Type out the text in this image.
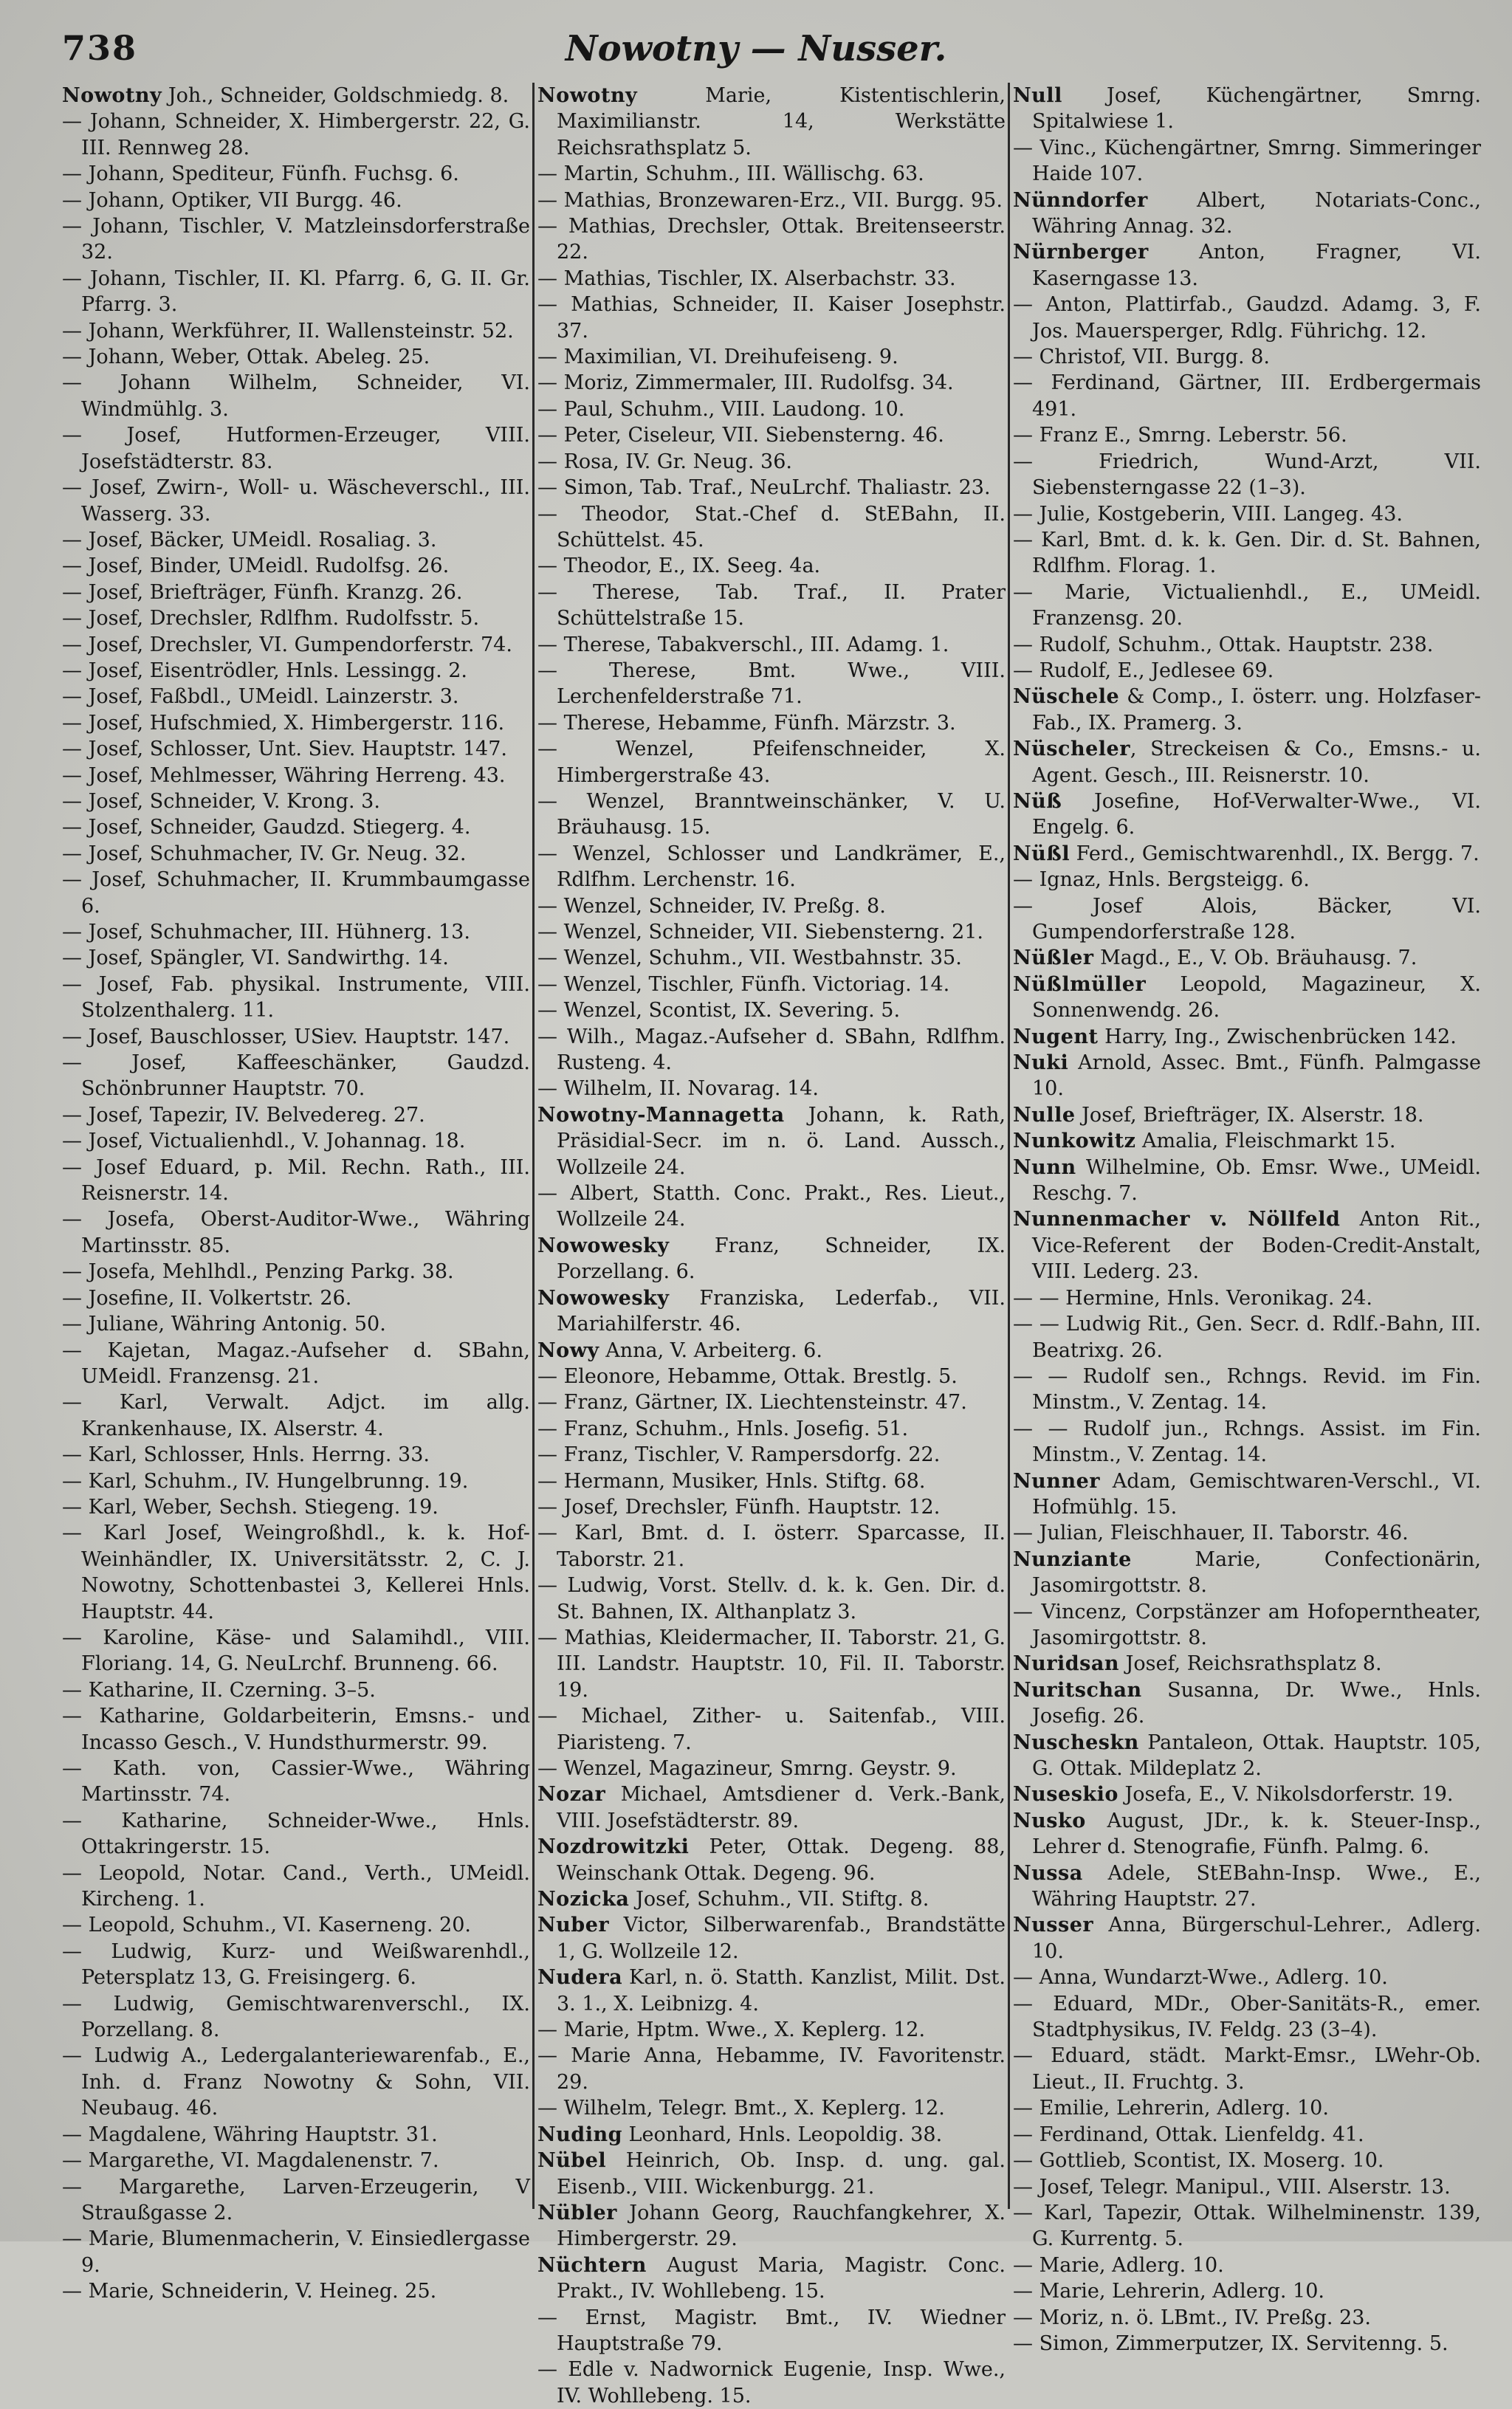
738	Nowotny — Nusser.

Nowotny Joh., Schneider, Goldschmiedg. 8.

— Johann, Schneider, X. Himbergerstr. 22, G. III. Rennweg 28.

— Johann, Spediteur, Fünfh. Fuchsg. 6.

— Johann, Optiker, VII Burgg. 46.

— Johann, Tischler, V. Matzleinsdorferstraße 32.

— Johann, Tischler, II. Kl. Pfarrg. 6, G. II. Gr. Pfarrg. 3.

— Johann, Werkführer, II. Wallensteinstr. 52.

— Johann, Weber, Ottak. Abeleg. 25.

— Johann Wilhelm, Schneider, VI. Windmühlg. 3.

— Josef, Hutformen-Erzeuger, VIII. Josefstädterstr. 83.

— Josef, Zwirn-, Woll- u. Wäscheverschl., III. Wasserg. 33.

— Josef, Bäcker, UMeidl. Rosaliag. 3.

— Josef, Binder, UMeidl. Rudolfsg. 26.

— Josef, Briefträger, Fünfh. Kranzg. 26.

— Josef, Drechsler, Rdlfhm. Rudolfsstr. 5.

— Josef, Drechsler, VI. Gumpendorferstr. 74.

— Josef, Eisentrödler, Hnls. Lessingg. 2.

— Josef, Faßbdl., UMeidl. Lainzerstr. 3.

— Josef, Hufschmied, X. Himbergerstr. 116.

— Josef, Schlosser, Unt. Siev. Hauptstr. 147.

— Josef, Mehlmesser, Währing Herreng. 43.

— Josef, Schneider, V. Krong. 3.

— Josef, Schneider, Gaudzd. Stiegerg. 4.

— Josef, Schuhmacher, IV. Gr. Neug. 32.

— Josef, Schuhmacher, II. Krummbaumgasse 6.

— Josef, Schuhmacher, III. Hühnerg. 13.

— Josef, Spängler, VI. Sandwirthg. 14.

— Josef, Fab. physikal. Instrumente, VIII. Stolzenthalerg. 11.

— Josef, Bauschlosser, USiev. Hauptstr. 147.

— Josef, Kaffeeschänker, Gaudzd. Schönbrunner Hauptstr. 70.

— Josef, Tapezir, IV. Belvedereg. 27.

— Josef, Victualienhdl., V. Johannag. 18.

— Josef Eduard, p. Mil. Rechn. Rath., III. Reisnerstr. 14.

— Josefa, Oberst-Auditor-Wwe., Währing Martinsstr. 85.

— Josefa, Mehlhdl., Penzing Parkg. 38.

— Josefine, II. Volkertstr. 26.

— Juliane, Währing Antonig. 50.

— Kajetan, Magaz.-Aufseher d. SBahn, UMeidl. Franzensg. 21.

— Karl, Verwalt. Adjct. im allg. Krankenhause, IX. Alserstr. 4.

— Karl, Schlosser, Hnls. Herrng. 33.

— Karl, Schuhm., IV. Hungelbrunng. 19.

— Karl, Weber, Sechsh. Stiegeng. 19.

— Karl Josef, Weingroßhdl., k. k. Hof-Weinhändler, IX. Universitätsstr. 2, C. J. Nowotny, Schottenbastei 3, Kellerei Hnls. Hauptstr. 44.

— Karoline, Käse- und Salamihdl., VIII. Floriang. 14, G. NeuLrchf. Brunneng. 66.

— Katharine, II. Czerning. 3–5.

— Katharine, Goldarbeiterin, Emsns.- und Incasso Gesch., V. Hundsthurmerstr. 99.

— Kath. von, Cassier-Wwe., Währing Martinsstr. 74.

— Katharine, Schneider-Wwe., Hnls. Ottakringerstr. 15.

— Leopold, Notar. Cand., Verth., UMeidl. Kircheng. 1.

— Leopold, Schuhm., VI. Kaserneng. 20.

— Ludwig, Kurz- und Weißwarenhdl., Petersplatz 13, G. Freisingerg. 6.

— Ludwig, Gemischtwarenverschl., IX. Porzellang. 8.

— Ludwig A., Ledergalanteriewarenfab., E., Inh. d. Franz Nowotny & Sohn, VII. Neubaug. 46.

— Magdalene, Währing Hauptstr. 31.

— Margarethe, VI. Magdalenenstr. 7.

— Margarethe, Larven-Erzeugerin, V Straußgasse 2.

— Marie, Blumenmacherin, V. Einsiedlergasse 9.

— Marie, Schneiderin, V. Heineg. 25.

Nowotny Marie, Kistentischlerin, Maximilianstr. 14, Werkstätte Reichsrathsplatz 5.

— Martin, Schuhm., III. Wällischg. 63.

— Mathias, Bronzewaren-Erz., VII. Burgg. 95.

— Mathias, Drechsler, Ottak. Breitenseerstr. 22.

— Mathias, Tischler, IX. Alserbachstr. 33.

— Mathias, Schneider, II. Kaiser Josephstr. 37.

— Maximilian, VI. Dreihufeiseng. 9.

— Moriz, Zimmermaler, III. Rudolfsg. 34.

— Paul, Schuhm., VIII. Laudong. 10.

— Peter, Ciseleur, VII. Siebensterng. 46.

— Rosa, IV. Gr. Neug. 36.

— Simon, Tab. Traf., NeuLrchf. Thaliastr. 23.

— Theodor, Stat.-Chef d. StEBahn, II. Schüttelst. 45.

— Theodor, E., IX. Seeg. 4a.

— Therese, Tab. Traf., II. Prater Schüttelstraße 15.

— Therese, Tabakverschl., III. Adamg. 1.

— Therese, Bmt. Wwe., VIII. Lerchenfelderstraße 71.

— Therese, Hebamme, Fünfh. Märzstr. 3.

— Wenzel, Pfeifenschneider, X. Himbergerstraße 43.

— Wenzel, Branntweinschänker, V. U. Bräuhausg. 15.

— Wenzel, Schlosser und Landkrämer, E., Rdlfhm. Lerchenstr. 16.

— Wenzel, Schneider, IV. Preßg. 8.

— Wenzel, Schneider, VII. Siebensterng. 21.

— Wenzel, Schuhm., VII. Westbahnstr. 35.

— Wenzel, Tischler, Fünfh. Victoriag. 14.

— Wenzel, Scontist, IX. Severing. 5.

— Wilh., Magaz.-Aufseher d. SBahn, Rdlfhm. Rusteng. 4.

— Wilhelm, II. Novarag. 14.

Nowotny-Mannagetta Johann, k. Rath, Präsidial-Secr. im n. ö. Land. Aussch., Wollzeile 24.

— Albert, Statth. Conc. Prakt., Res. Lieut., Wollzeile 24.

Nowowesky Franz, Schneider, IX. Porzellang. 6.

Nowowesky Franziska, Lederfab., VII. Mariahilferstr. 46.

Nowy Anna, V. Arbeiterg. 6.

— Eleonore, Hebamme, Ottak. Brestlg. 5.

— Franz, Gärtner, IX. Liechtensteinstr. 47.

— Franz, Schuhm., Hnls. Josefig. 51.

— Franz, Tischler, V. Rampersdorfg. 22.

— Hermann, Musiker, Hnls. Stiftg. 68.

— Josef, Drechsler, Fünfh. Hauptstr. 12.

— Karl, Bmt. d. I. österr. Sparcasse, II. Taborstr. 21.

— Ludwig, Vorst. Stellv. d. k. k. Gen. Dir. d. St. Bahnen, IX. Althanplatz 3.

— Mathias, Kleidermacher, II. Taborstr. 21, G. III. Landstr. Hauptstr. 10, Fil. II. Taborstr. 19.

— Michael, Zither- u. Saitenfab., VIII. Piaristeng. 7.

— Wenzel, Magazineur, Smrng. Geystr. 9.

Nozar Michael, Amtsdiener d. Verk.-Bank, VIII. Josefstädterstr. 89.

Nozdrowitzki Peter, Ottak. Degeng. 88, Weinschank Ottak. Degeng. 96.

Nozicka Josef, Schuhm., VII. Stiftg. 8.

Nuber Victor, Silberwarenfab., Brandstätte 1, G. Wollzeile 12.

Nudera Karl, n. ö. Statth. Kanzlist, Milit. Dst. 3. 1., X. Leibnizg. 4.

— Marie, Hptm. Wwe., X. Keplerg. 12.

— Marie Anna, Hebamme, IV. Favoritenstr. 29.

— Wilhelm, Telegr. Bmt., X. Keplerg. 12.

Nuding Leonhard, Hnls. Leopoldig. 38.

Nübel Heinrich, Ob. Insp. d. ung. gal. Eisenb., VIII. Wickenburgg. 21.

Nübler Johann Georg, Rauchfangkehrer, X. Himbergerstr. 29.

Nüchtern August Maria, Magistr. Conc. Prakt., IV. Wohllebeng. 15.

— Ernst, Magistr. Bmt., IV. Wiedner Hauptstraße 79.

— Edle v. Nadwornick Eugenie, Insp. Wwe., IV. Wohllebeng. 15.

Null Josef, Küchengärtner, Smrng. Spitalwiese 1.

— Vinc., Küchengärtner, Smrng. Simmeringer Haide 107.

Nünndorfer Albert, Notariats-Conc., Währing Annag. 32.

Nürnberger Anton, Fragner, VI. Kaserngasse 13.

— Anton, Plattirfab., Gaudzd. Adamg. 3, F. Jos. Mauersperger, Rdlg. Führichg. 12.

— Christof, VII. Burgg. 8.

— Ferdinand, Gärtner, III. Erdbergermais 491.

— Franz E., Smrng. Leberstr. 56.

— Friedrich, Wund-Arzt, VII. Siebensterngasse 22 (1–3).

— Julie, Kostgeberin, VIII. Langeg. 43.

— Karl, Bmt. d. k. k. Gen. Dir. d. St. Bahnen, Rdlfhm. Florag. 1.

— Marie, Victualienhdl., E., UMeidl. Franzensg. 20.

— Rudolf, Schuhm., Ottak. Hauptstr. 238.

— Rudolf, E., Jedlesee 69.

Nüschele & Comp., I. österr. ung. Holzfaser-Fab., IX. Pramerg. 3.

Nüscheler, Streckeisen & Co., Emsns.- u. Agent. Gesch., III. Reisnerstr. 10.

Nüß Josefine, Hof-Verwalter-Wwe., VI. Engelg. 6.

Nüßl Ferd., Gemischtwarenhdl., IX. Bergg. 7.

— Ignaz, Hnls. Bergsteigg. 6.

— Josef Alois, Bäcker, VI. Gumpendorferstraße 128.

Nüßler Magd., E., V. Ob. Bräuhausg. 7.

Nüßlmüller Leopold, Magazineur, X. Sonnenwendg. 26.

Nugent Harry, Ing., Zwischenbrücken 142.

Nuki Arnold, Assec. Bmt., Fünfh. Palmgasse 10.

Nulle Josef, Briefträger, IX. Alserstr. 18.

Nunkowitz Amalia, Fleischmarkt 15.

Nunn Wilhelmine, Ob. Emsr. Wwe., UMeidl. Reschg. 7.

Nunnenmacher v. Nöllfeld Anton Rit., Vice-Referent der Boden-Credit-Anstalt, VIII. Lederg. 23.

— — Hermine, Hnls. Veronikag. 24.

— — Ludwig Rit., Gen. Secr. d. Rdlf.-Bahn, III. Beatrixg. 26.

— — Rudolf sen., Rchngs. Revid. im Fin. Minstm., V. Zentag. 14.

— — Rudolf jun., Rchngs. Assist. im Fin. Minstm., V. Zentag. 14.

Nunner Adam, Gemischtwaren-Verschl., VI. Hofmühlg. 15.

— Julian, Fleischhauer, II. Taborstr. 46.

Nunziante Marie, Confectionärin, Jasomirgottstr. 8.

— Vincenz, Corpstänzer am Hofoperntheater, Jasomirgottstr. 8.

Nuridsan Josef, Reichsrathsplatz 8.

Nuritschan Susanna, Dr. Wwe., Hnls. Josefig. 26.

Nuscheskn Pantaleon, Ottak. Hauptstr. 105, G. Ottak. Mildeplatz 2.

Nuseskio Josefa, E., V. Nikolsdorferstr. 19.

Nusko August, JDr., k. k. Steuer-Insp., Lehrer d. Stenografie, Fünfh. Palmg. 6.

Nussa Adele, StEBahn-Insp. Wwe., E., Währing Hauptstr. 27.

Nusser Anna, Bürgerschul-Lehrer., Adlerg. 10.

— Anna, Wundarzt-Wwe., Adlerg. 10.

— Eduard, MDr., Ober-Sanitäts-R., emer. Stadtphysikus, IV. Feldg. 23 (3–4).

— Eduard, städt. Markt-Emsr., LWehr-Ob. Lieut., II. Fruchtg. 3.

— Emilie, Lehrerin, Adlerg. 10.

— Ferdinand, Ottak. Lienfeldg. 41.

— Gottlieb, Scontist, IX. Moserg. 10.

— Josef, Telegr. Manipul., VIII. Alserstr. 13.

— Karl, Tapezir, Ottak. Wilhelminenstr. 139, G. Kurrentg. 5.

— Marie, Adlerg. 10.

— Marie, Lehrerin, Adlerg. 10.

— Moriz, n. ö. LBmt., IV. Preßg. 23.

— Simon, Zimmerputzer, IX. Servitenng. 5.
